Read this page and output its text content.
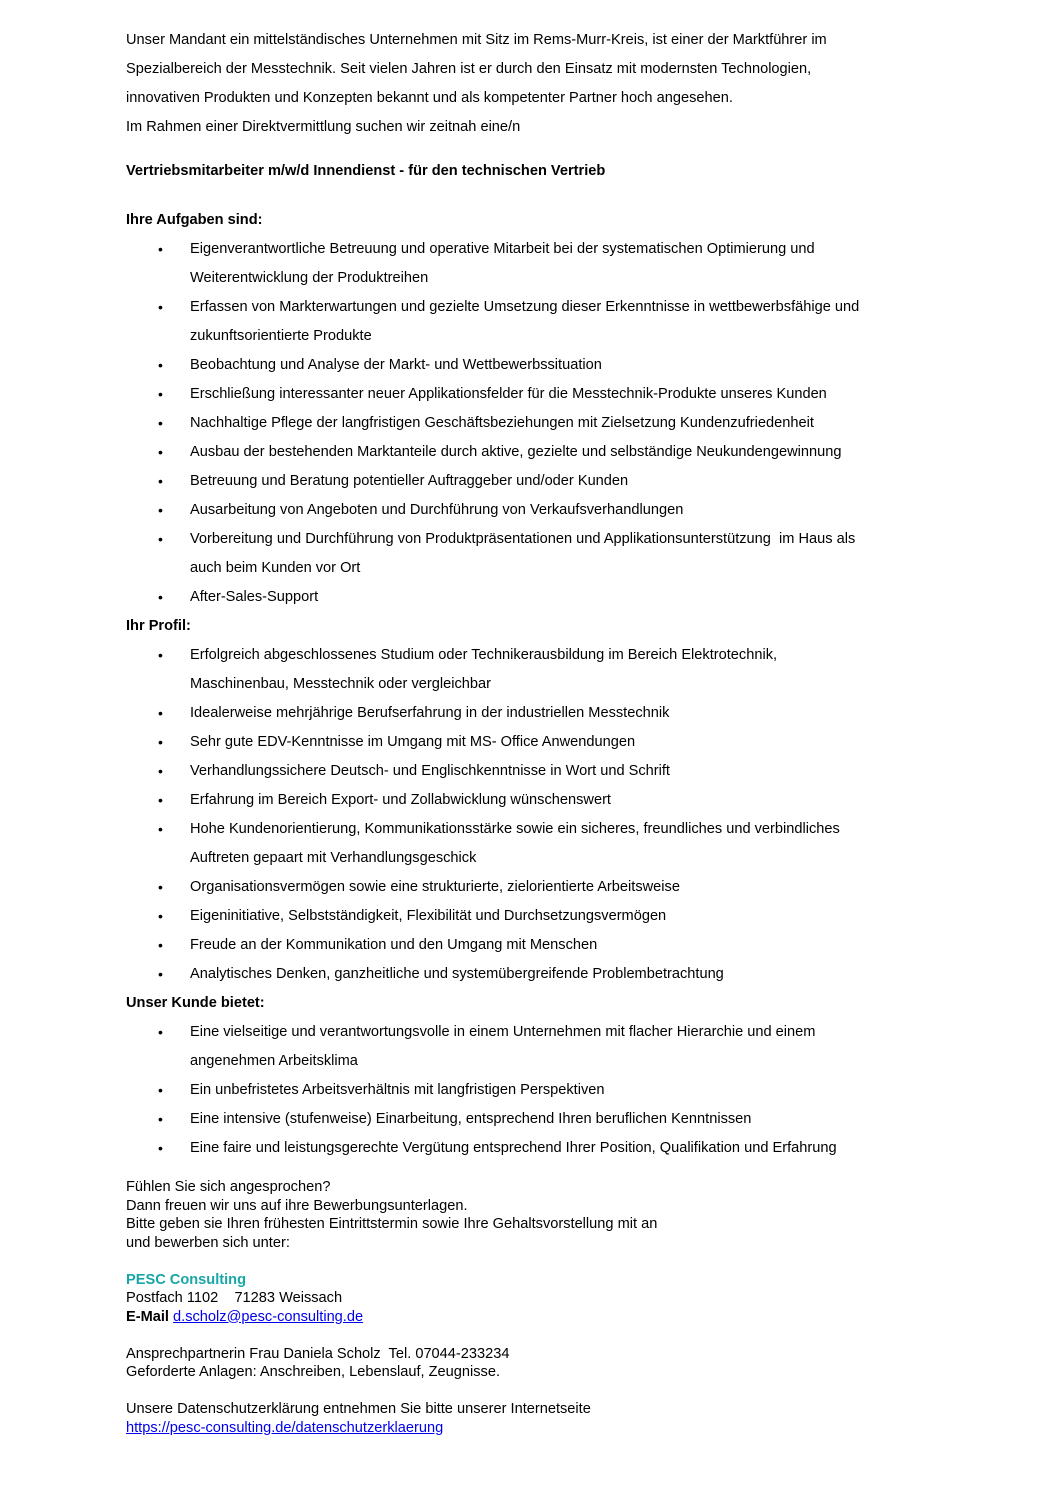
Unser Mandant ein mittelständisches Unternehmen mit Sitz im Rems-Murr-Kreis, ist einer der Marktführer im

Spezialbereich der Messtechnik. Seit vielen Jahren ist er durch den Einsatz mit modernsten Technologien,

innovativen Produkten und Konzepten bekannt und als kompetenter Partner hoch angesehen.

Im Rahmen einer Direktvermittlung suchen wir zeitnah eine/n

Vertriebsmitarbeiter m/w/d Innendienst - für den technischen Vertrieb

Ihre Aufgaben sind:

• Eigenverantwortliche Betreuung und operative Mitarbeit bei der systematischen Optimierung und
Weiterentwicklung der Produktreihen
• Erfassen von Markterwartungen und gezielte Umsetzung dieser Erkenntnisse in wettbewerbsfähige und
zukunftsorientierte Produkte
• Beobachtung und Analyse der Markt- und Wettbewerbssituation
• Erschließung interessanter neuer Applikationsfelder für die Messtechnik-Produkte unseres Kunden
• Nachhaltige Pflege der langfristigen Geschäftsbeziehungen mit Zielsetzung Kundenzufriedenheit
• Ausbau der bestehenden Marktanteile durch aktive, gezielte und selbständige Neukundengewinnung
• Betreuung und Beratung potentieller Auftraggeber und/oder Kunden
• Ausarbeitung von Angeboten und Durchführung von Verkaufsverhandlungen
• Vorbereitung und Durchführung von Produktpräsentationen und Applikationsunterstützung  im Haus als
auch beim Kunden vor Ort
• After-Sales-Support

Ihr Profil:

• Erfolgreich abgeschlossenes Studium oder Technikerausbildung im Bereich Elektrotechnik,
Maschinenbau, Messtechnik oder vergleichbar
• Idealerweise mehrjährige Berufserfahrung in der industriellen Messtechnik
• Sehr gute EDV-Kenntnisse im Umgang mit MS- Office Anwendungen
• Verhandlungssichere Deutsch- und Englischkenntnisse in Wort und Schrift
• Erfahrung im Bereich Export- und Zollabwicklung wünschenswert
• Hohe Kundenorientierung, Kommunikationsstärke sowie ein sicheres, freundliches und verbindliches
Auftreten gepaart mit Verhandlungsgeschick
• Organisationsvermögen sowie eine strukturierte, zielorientierte Arbeitsweise
• Eigeninitiative, Selbstständigkeit, Flexibilität und Durchsetzungsvermögen
• Freude an der Kommunikation und den Umgang mit Menschen
• Analytisches Denken, ganzheitliche und systemübergreifende Problembetrachtung

Unser Kunde bietet:

• Eine vielseitige und verantwortungsvolle in einem Unternehmen mit flacher Hierarchie und einem
angenehmen Arbeitsklima
• Ein unbefristetes Arbeitsverhältnis mit langfristigen Perspektiven
• Eine intensive (stufenweise) Einarbeitung, entsprechend Ihren beruflichen Kenntnissen
• Eine faire und leistungsgerechte Vergütung entsprechend Ihrer Position, Qualifikation und Erfahrung

Fühlen Sie sich angesprochen?

Dann freuen wir uns auf ihre Bewerbungsunterlagen.

Bitte geben sie Ihren frühesten Eintrittstermin sowie Ihre Gehaltsvorstellung mit an

und bewerben sich unter:

PESC Consulting

Postfach 1102    71283 Weissach

E-Mail d.scholz@pesc-consulting.de

Ansprechpartnerin Frau Daniela Scholz  Tel. 07044-233234

Geforderte Anlagen: Anschreiben, Lebenslauf, Zeugnisse.

Unsere Datenschutzerklärung entnehmen Sie bitte unserer Internetseite

https://pesc-consulting.de/datenschutzerklaerung
